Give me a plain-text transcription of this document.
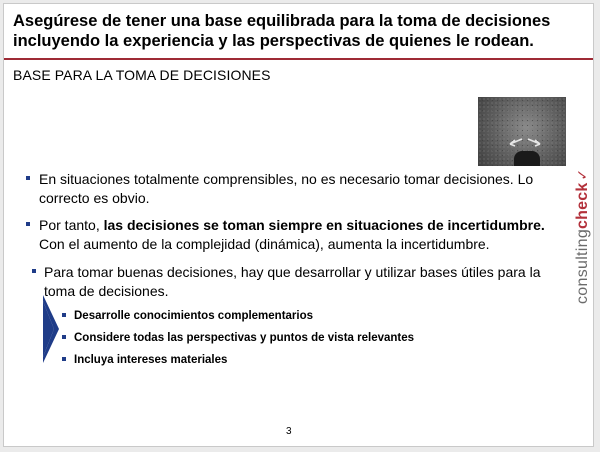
Asegúrese de tener una base equilibrada para la toma de decisiones incluyendo la experiencia y las perspectivas de quienes le rodean.
BASE PARA LA TOMA DE DECISIONES
En situaciones totalmente comprensibles, no es necesario tomar decisiones. Lo correcto es obvio.
Por tanto, las decisiones se toman siempre en situaciones de incertidumbre. Con el aumento de la complejidad (dinámica), aumenta la incertidumbre.
Para tomar buenas decisiones, hay que desarrollar y utilizar bases útiles para la toma de decisiones.
Desarrolle conocimientos complementarios
Considere todas las perspectivas y puntos de vista relevantes
Incluya intereses materiales
consultingcheck✓
3
